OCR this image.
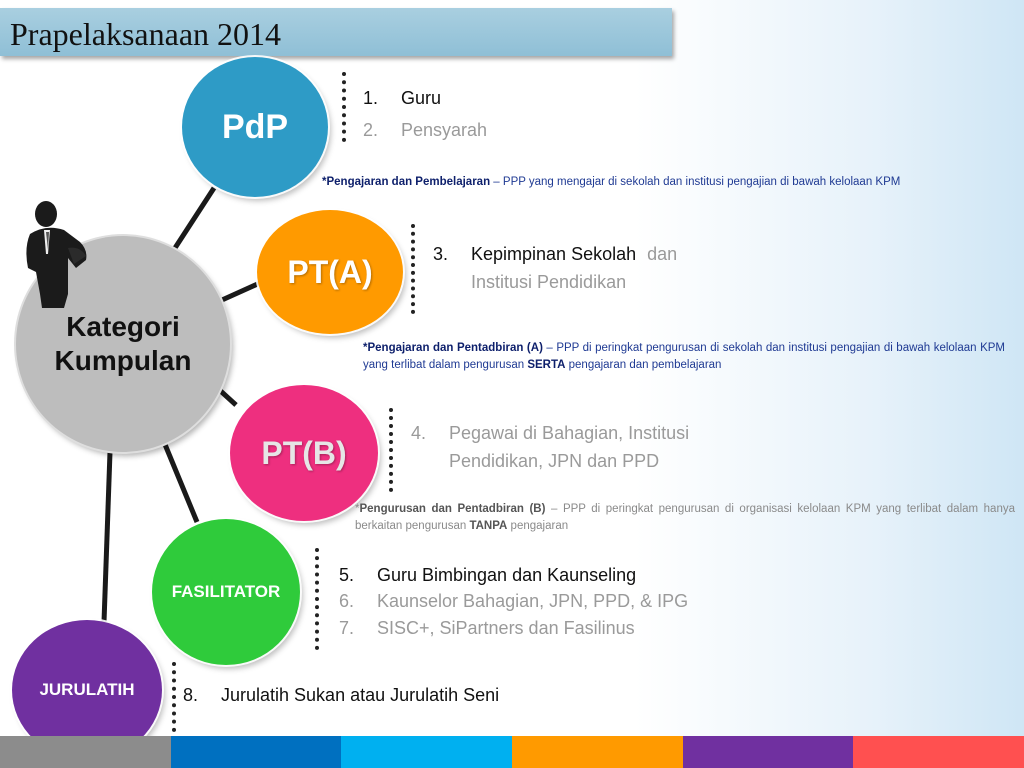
Prapelaksanaan 2014
Kategori
Kumpulan
PdP
PT(A)
PT(B)
FASILITATOR
JURULATIH
1. Guru
2. Pensyarah
*Pengajaran dan Pembelajaran – PPP yang mengajar di sekolah dan institusi pengajian di bawah kelolaan KPM
3. Kepimpinan Sekolah dan
Institusi Pendidikan
*Pengajaran dan Pentadbiran (A) – PPP di peringkat pengurusan di sekolah dan institusi pengajian di bawah kelolaan KPM yang terlibat dalam pengurusan SERTA pengajaran dan pembelajaran
4. Pegawai di Bahagian, Institusi
Pendidikan, JPN dan PPD
*Pengurusan dan Pentadbiran (B) – PPP di peringkat pengurusan di organisasi kelolaan KPM yang terlibat dalam hanya berkaitan pengurusan TANPA pengajaran
5. Guru Bimbingan dan Kaunseling
6. Kaunselor Bahagian, JPN, PPD, & IPG
7. SISC+, SiPartners dan Fasilinus
8. Jurulatih Sukan atau Jurulatih Seni
